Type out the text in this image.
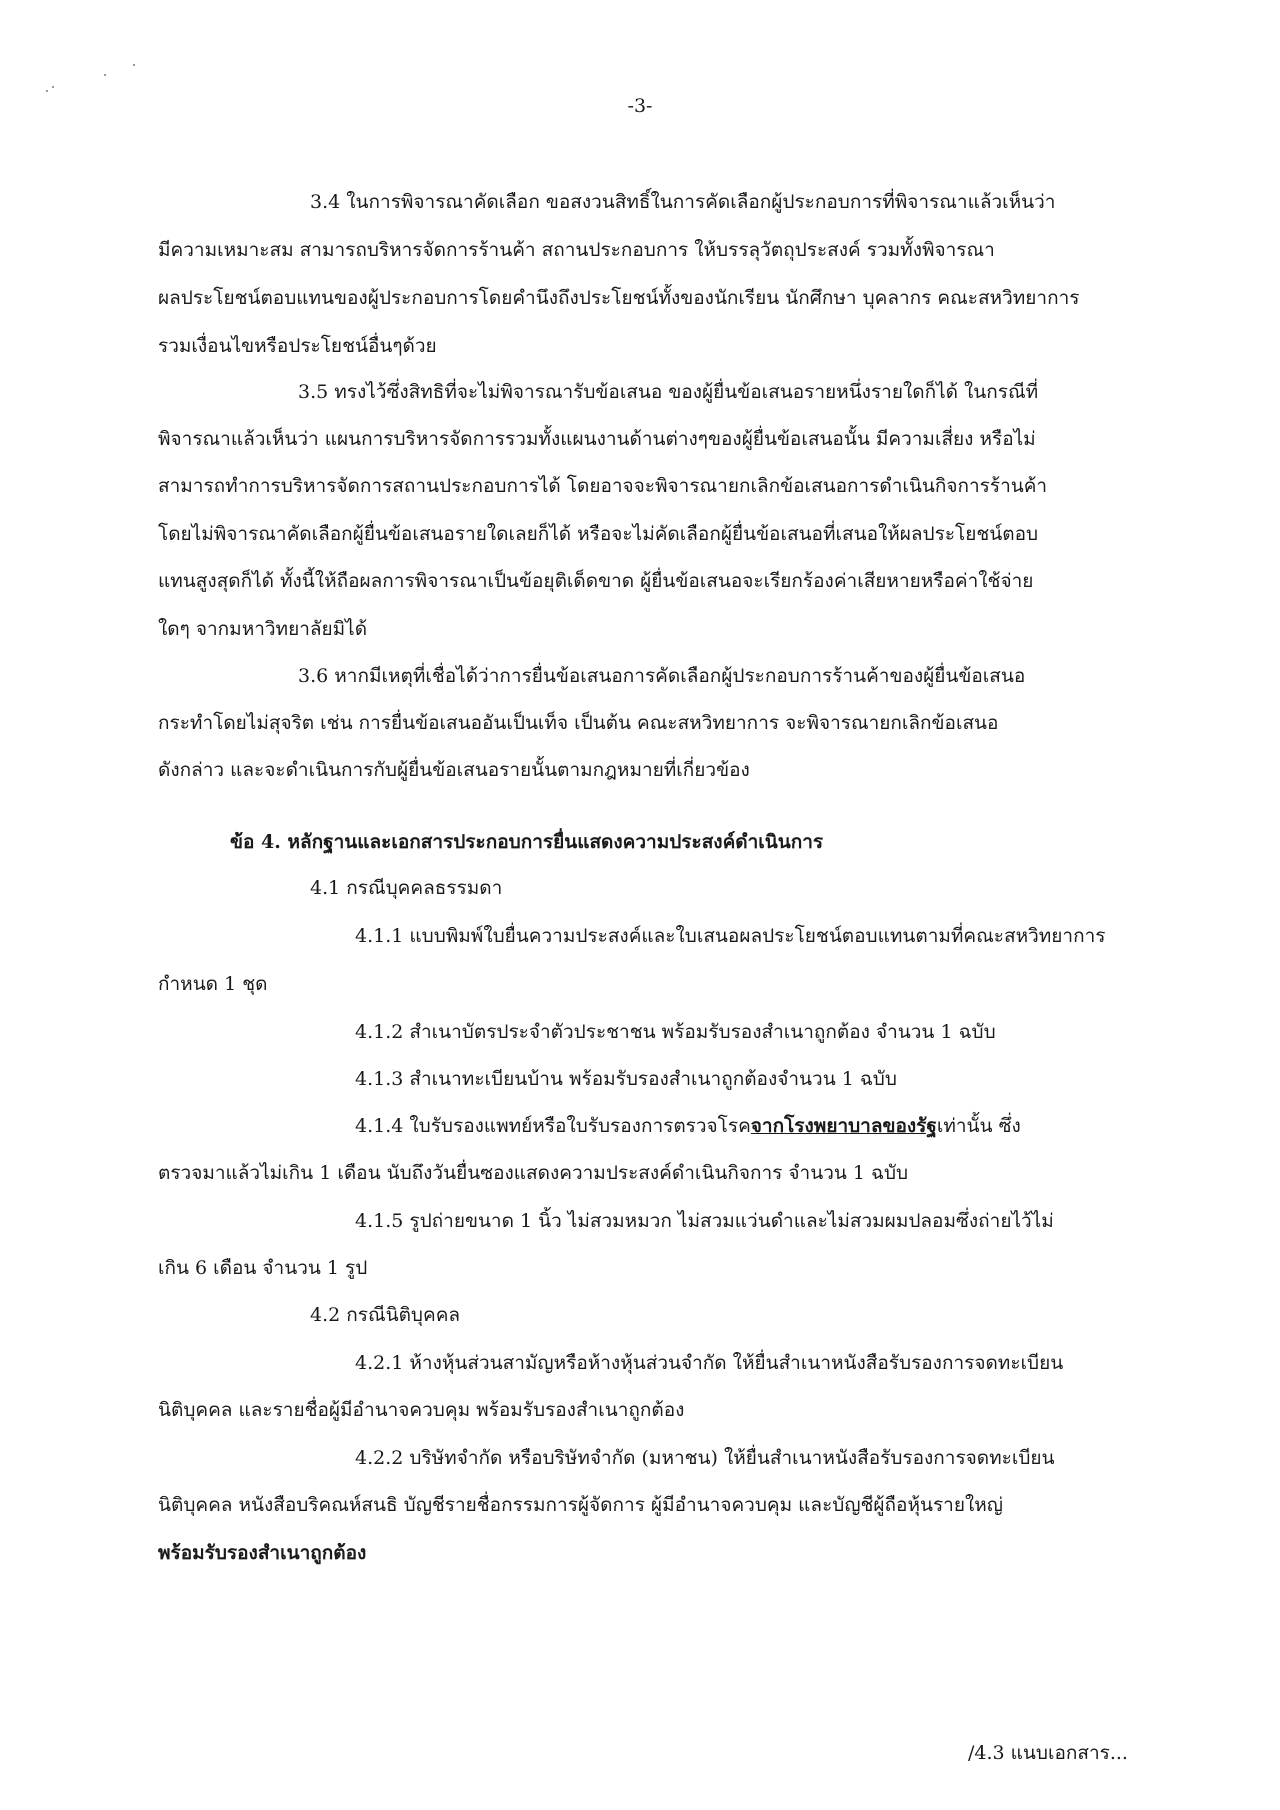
-3-
3.4 ในการพิจารณาคัดเลือก ขอสงวนสิทธิ์ในการคัดเลือกผู้ประกอบการที่พิจารณาแล้วเห็นว่า
มีความเหมาะสม สามารถบริหารจัดการร้านค้า สถานประกอบการ ให้บรรลุวัตถุประสงค์ รวมทั้งพิจารณา
ผลประโยชน์ตอบแทนของผู้ประกอบการโดยคำนึงถึงประโยชน์ทั้งของนักเรียน นักศึกษา บุคลากร คณะสหวิทยาการ
รวมเงื่อนไขหรือประโยชน์อื่นๆด้วย
3.5 ทรงไว้ซึ่งสิทธิที่จะไม่พิจารณารับข้อเสนอ ของผู้ยื่นข้อเสนอรายหนึ่งรายใดก็ได้ ในกรณีที่
พิจารณาแล้วเห็นว่า แผนการบริหารจัดการรวมทั้งแผนงานด้านต่างๆของผู้ยื่นข้อเสนอนั้น มีความเสี่ยง หรือไม่
สามารถทำการบริหารจัดการสถานประกอบการได้ โดยอาจจะพิจารณายกเลิกข้อเสนอการดำเนินกิจการร้านค้า
โดยไม่พิจารณาคัดเลือกผู้ยื่นข้อเสนอรายใดเลยก็ได้ หรือจะไม่คัดเลือกผู้ยื่นข้อเสนอที่เสนอให้ผลประโยชน์ตอบ
แทนสูงสุดก็ได้ ทั้งนี้ให้ถือผลการพิจารณาเป็นข้อยุติเด็ดขาด ผู้ยื่นข้อเสนอจะเรียกร้องค่าเสียหายหรือค่าใช้จ่าย
ใดๆ จากมหาวิทยาลัยมิได้
3.6 หากมีเหตุที่เชื่อได้ว่าการยื่นข้อเสนอการคัดเลือกผู้ประกอบการร้านค้าของผู้ยื่นข้อเสนอ
กระทำโดยไม่สุจริต เช่น การยื่นข้อเสนออันเป็นเท็จ เป็นต้น คณะสหวิทยาการ จะพิจารณายกเลิกข้อเสนอ
ดังกล่าว และจะดำเนินการกับผู้ยื่นข้อเสนอรายนั้นตามกฎหมายที่เกี่ยวข้อง
ข้อ 4. หลักฐานและเอกสารประกอบการยื่นแสดงความประสงค์ดำเนินการ
4.1 กรณีบุคคลธรรมดา
4.1.1 แบบพิมพ์ใบยื่นความประสงค์และใบเสนอผลประโยชน์ตอบแทนตามที่คณะสหวิทยาการ
กำหนด 1 ชุด
4.1.2 สำเนาบัตรประจำตัวประชาชน พร้อมรับรองสำเนาถูกต้อง จำนวน 1 ฉบับ
4.1.3 สำเนาทะเบียนบ้าน พร้อมรับรองสำเนาถูกต้องจำนวน 1 ฉบับ
4.1.4 ใบรับรองแพทย์หรือใบรับรองการตรวจโรคจากโรงพยาบาลของรัฐเท่านั้น ซึ่ง
ตรวจมาแล้วไม่เกิน 1 เดือน นับถึงวันยื่นซองแสดงความประสงค์ดำเนินกิจการ จำนวน 1 ฉบับ
4.1.5 รูปถ่ายขนาด 1 นิ้ว ไม่สวมหมวก ไม่สวมแว่นดำและไม่สวมผมปลอมซึ่งถ่ายไว้ไม่
เกิน 6 เดือน จำนวน 1 รูป
4.2 กรณีนิติบุคคล
4.2.1 ห้างหุ้นส่วนสามัญหรือห้างหุ้นส่วนจำกัด ให้ยื่นสำเนาหนังสือรับรองการจดทะเบียน
นิติบุคคล และรายชื่อผู้มีอำนาจควบคุม พร้อมรับรองสำเนาถูกต้อง
4.2.2 บริษัทจำกัด หรือบริษัทจำกัด (มหาชน) ให้ยื่นสำเนาหนังสือรับรองการจดทะเบียน
นิติบุคคล หนังสือบริคณห์สนธิ บัญชีรายชื่อกรรมการผู้จัดการ ผู้มีอำนาจควบคุม และบัญชีผู้ถือหุ้นรายใหญ่
พร้อมรับรองสำเนาถูกต้อง
/4.3 แนบเอกสาร...
